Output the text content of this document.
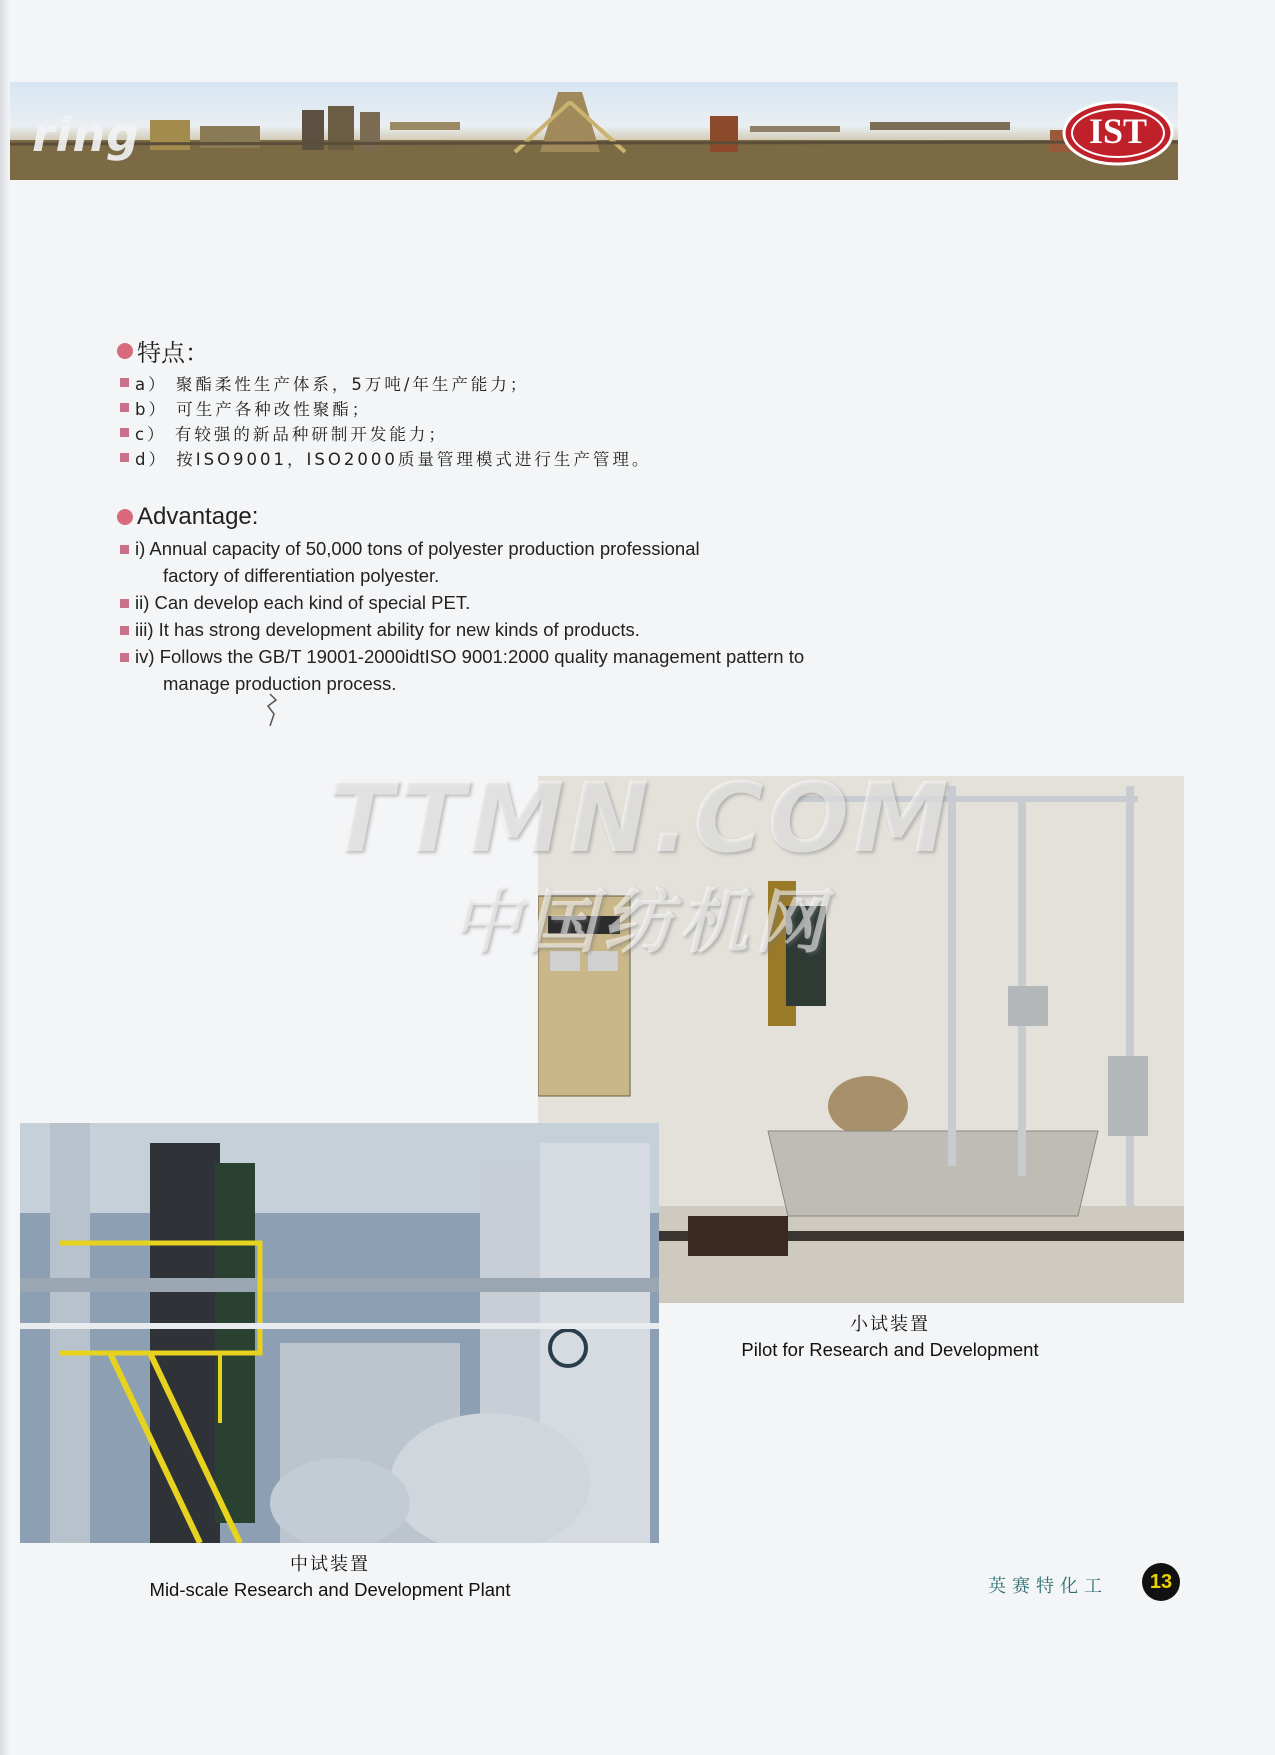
ring	IST
特点：
a）
聚酯柔性生产体系，5万吨/年生产能力；
b）
可生产各种改性聚酯；
c）
有较强的新品种研制开发能力；
d）
按ISO9001，ISO2000质量管理模式进行生产管理。
Advantage:
i) Annual capacity of 50,000 tons of polyester production professional
factory of differentiation polyester.
ii) Can develop each kind of special PET.
iii) It has strong development ability for new kinds of products.
iv) Follows the GB/T 19001-2000idtISO 9001:2000 quality management pattern to
manage production process.
小试装置
Pilot for Research and Development
中试装置
Mid-scale Research and Development Plant
TTMN.COM
中国纺机网
英赛特化工 13
